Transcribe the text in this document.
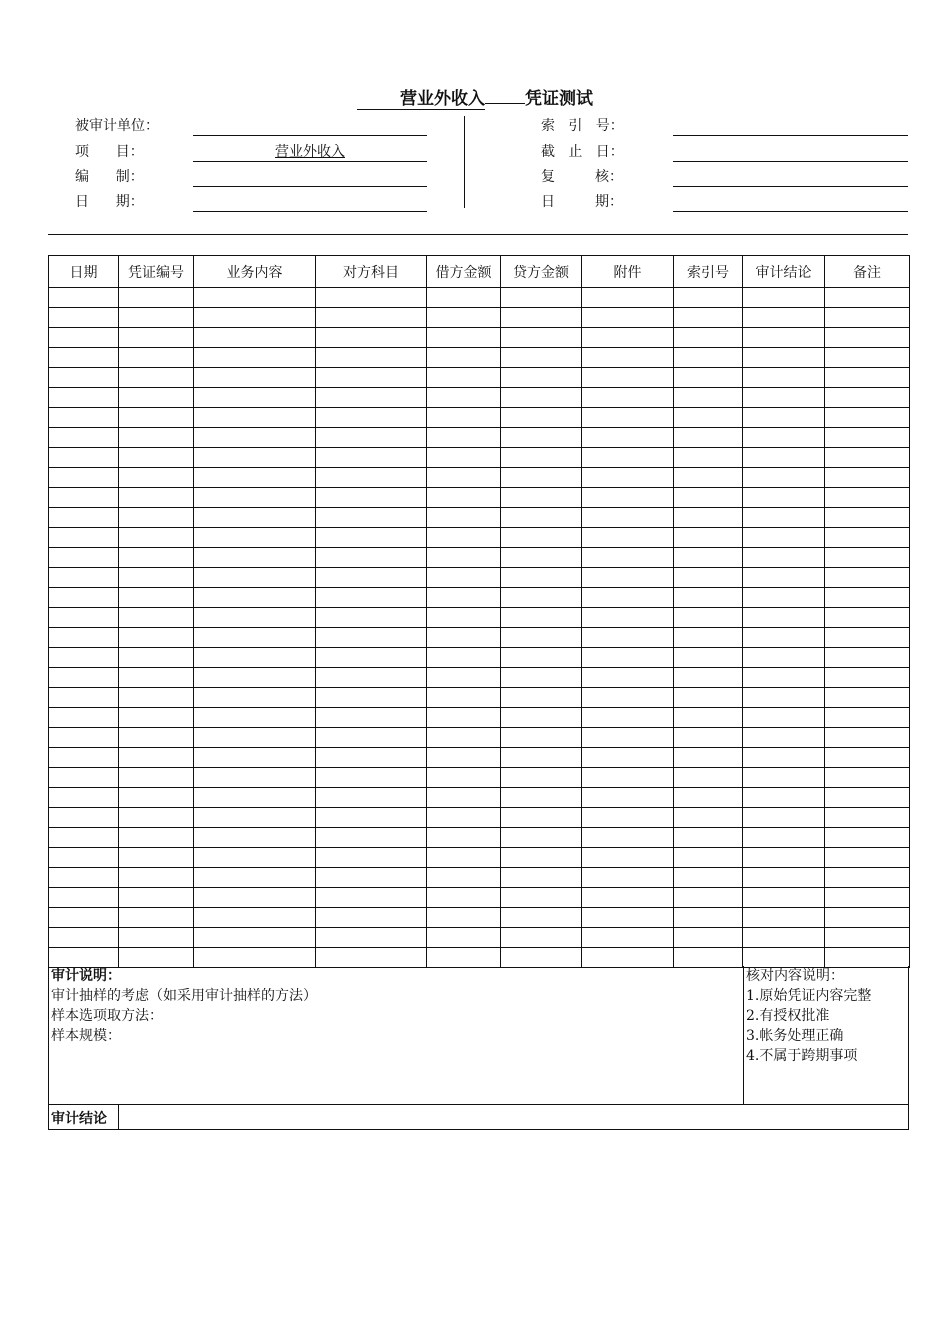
营业外收入 凭证测试
被审计单位：
项      目：	营业外收入
编      制：
日      期：
索   引   号：
截   止   日：
复         核：
日         期：
日期	凭证编号	业务内容	对方科目	借方金额	贷方金额	附件	索引号	审计结论	备注

审计说明：
审计抽样的考虑（如采用审计抽样的方法）
样本选项取方法：
样本规模：
核对内容说明：
1.原始凭证内容完整
2.有授权批准
3.帐务处理正确
4.不属于跨期事项
审计结论
